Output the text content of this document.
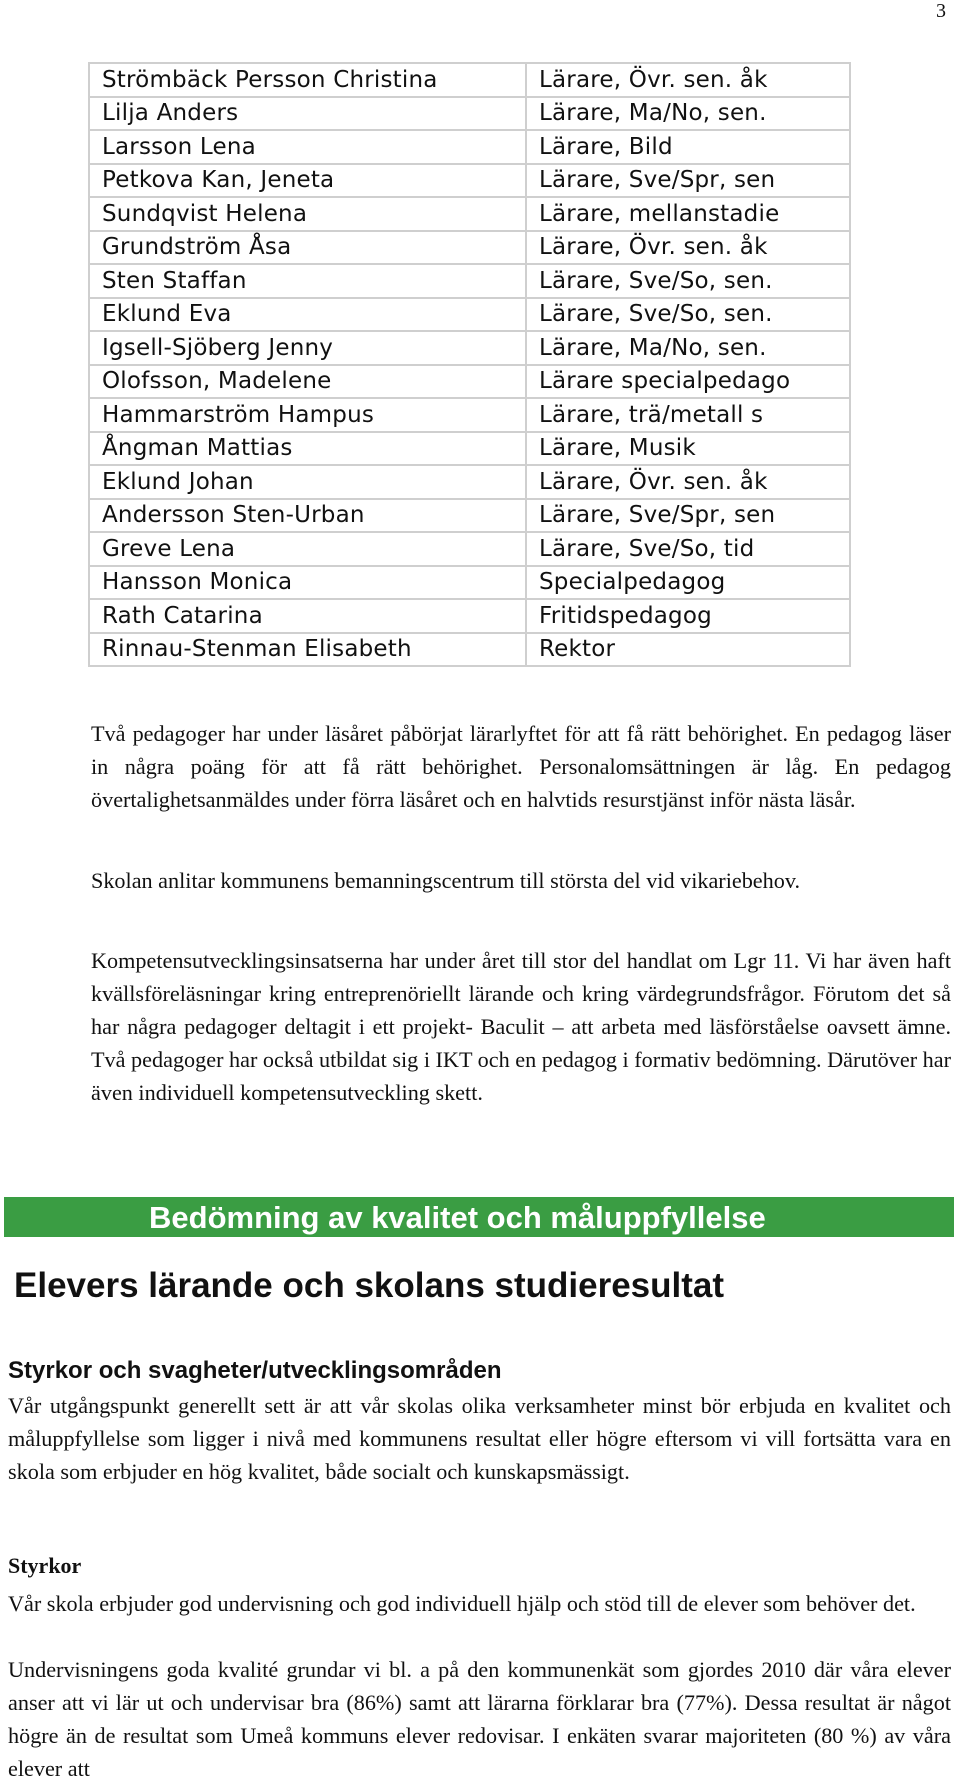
3
Strömbäck Persson Christina	Lärare, Övr. sen. åk
Lilja Anders	Lärare, Ma/No, sen.
Larsson Lena	Lärare, Bild
Petkova Kan, Jeneta	Lärare, Sve/Spr, sen
Sundqvist Helena	Lärare, mellanstadie
Grundström Åsa	Lärare, Övr. sen. åk
Sten Staffan	Lärare, Sve/So, sen.
Eklund Eva	Lärare, Sve/So, sen.
Igsell-Sjöberg Jenny	Lärare, Ma/No, sen.
Olofsson, Madelene	Lärare specialpedago
Hammarström Hampus	Lärare, trä/metall s
Ångman Mattias	Lärare, Musik
Eklund Johan	Lärare, Övr. sen. åk
Andersson Sten-Urban	Lärare, Sve/Spr, sen
Greve Lena	Lärare, Sve/So, tid
Hansson Monica	Specialpedagog
Rath Catarina	Fritidspedagog
Rinnau-Stenman Elisabeth	Rektor

Två pedagoger har under läsåret påbörjat lärarlyftet för att få rätt behörighet. En pedagog läser in några poäng för att få rätt behörighet. Personalomsättningen är låg. En pedagog övertalighetsanmäldes under förra läsåret och en halvtids resurstjänst inför nästa läsår.

Skolan anlitar kommunens bemanningscentrum till största del vid vikariebehov.

Kompetensutvecklingsinsatserna har under året till stor del handlat om Lgr 11. Vi har även haft kvällsföreläsningar kring entreprenöriellt lärande och kring värdegrundsfrågor. Förutom det så har några pedagoger deltagit i ett projekt- Baculit – att arbeta med läsförståelse oavsett ämne. Två pedagoger har också utbildat sig i IKT och en pedagog i formativ bedömning. Därutöver har även individuell kompetensutveckling skett.

Bedömning av kvalitet och måluppfyllelse
Elevers lärande och skolans studieresultat
Styrkor och svagheter/utvecklingsområden

Vår utgångspunkt generellt sett är att vår skolas olika verksamheter minst bör erbjuda en kvalitet och måluppfyllelse som ligger i nivå med kommunens resultat eller högre eftersom vi vill fortsätta vara en skola som erbjuder en hög kvalitet, både socialt och kunskapsmässigt.

Styrkor

Vår skola erbjuder god undervisning och god individuell hjälp och stöd till de elever som behöver det.

Undervisningens goda kvalité grundar vi bl. a på den kommunenkät som gjordes 2010 där våra elever anser att vi lär ut och undervisar bra (86%) samt att lärarna förklarar bra (77%). Dessa resultat är något högre än de resultat som Umeå kommuns elever redovisar. I enkäten svarar majoriteten (80 %) av våra elever att
